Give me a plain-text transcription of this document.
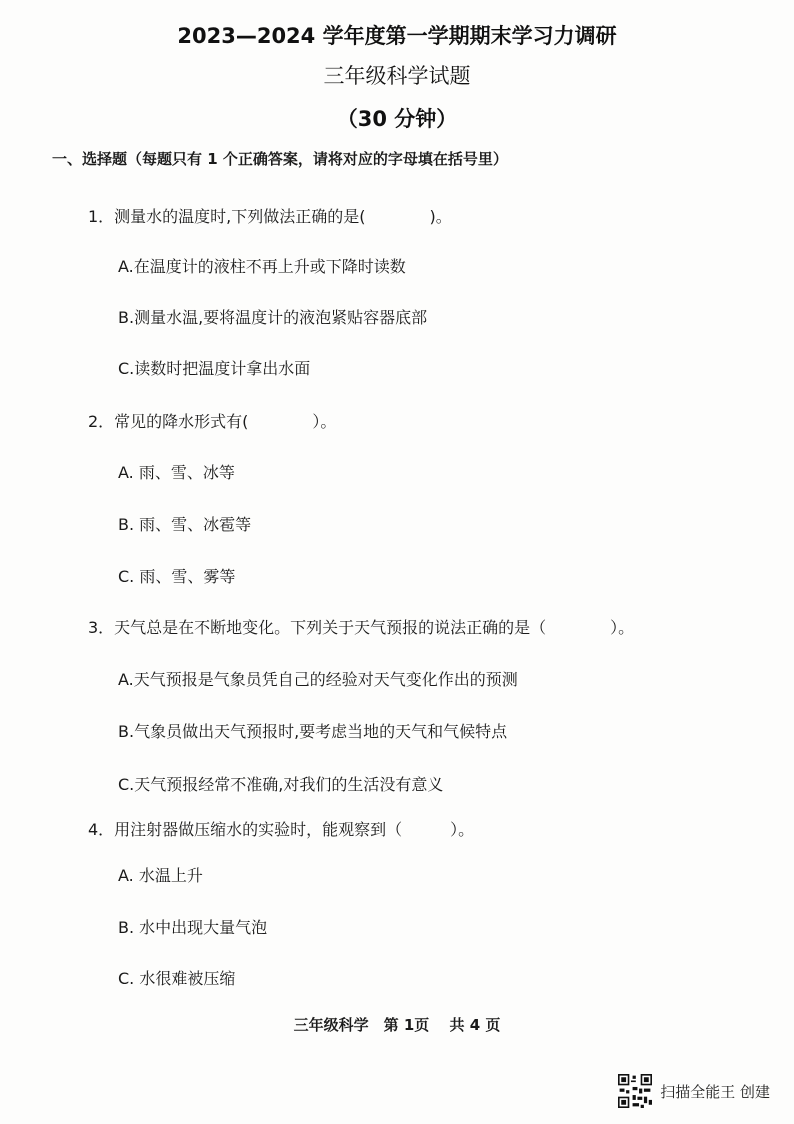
2023—2024 学年度第一学期期末学习力调研
三年级科学试题
（30 分钟）
一、选择题（每题只有 1 个正确答案，请将对应的字母填在括号里）
1．测量水的温度时,下列做法正确的是(　　　　)。
A.在温度计的液柱不再上升或下降时读数
B.测量水温,要将温度计的液泡紧贴容器底部
C.读数时把温度计拿出水面
2．常见的降水形式有(　　　　）。
A. 雨、雪、冰等
B. 雨、雪、冰雹等
C. 雨、雪、雾等
3．天气总是在不断地变化。下列关于天气预报的说法正确的是（　　　　）。
A.天气预报是气象员凭自己的经验对天气变化作出的预测
B.气象员做出天气预报时,要考虑当地的天气和气候特点
C.天气预报经常不准确,对我们的生活没有意义
4．用注射器做压缩水的实验时，能观察到（　　　）。
A. 水温上升
B. 水中出现大量气泡
C. 水很难被压缩
三年级科学　第 1页　 共 4 页
扫描全能王 创建
